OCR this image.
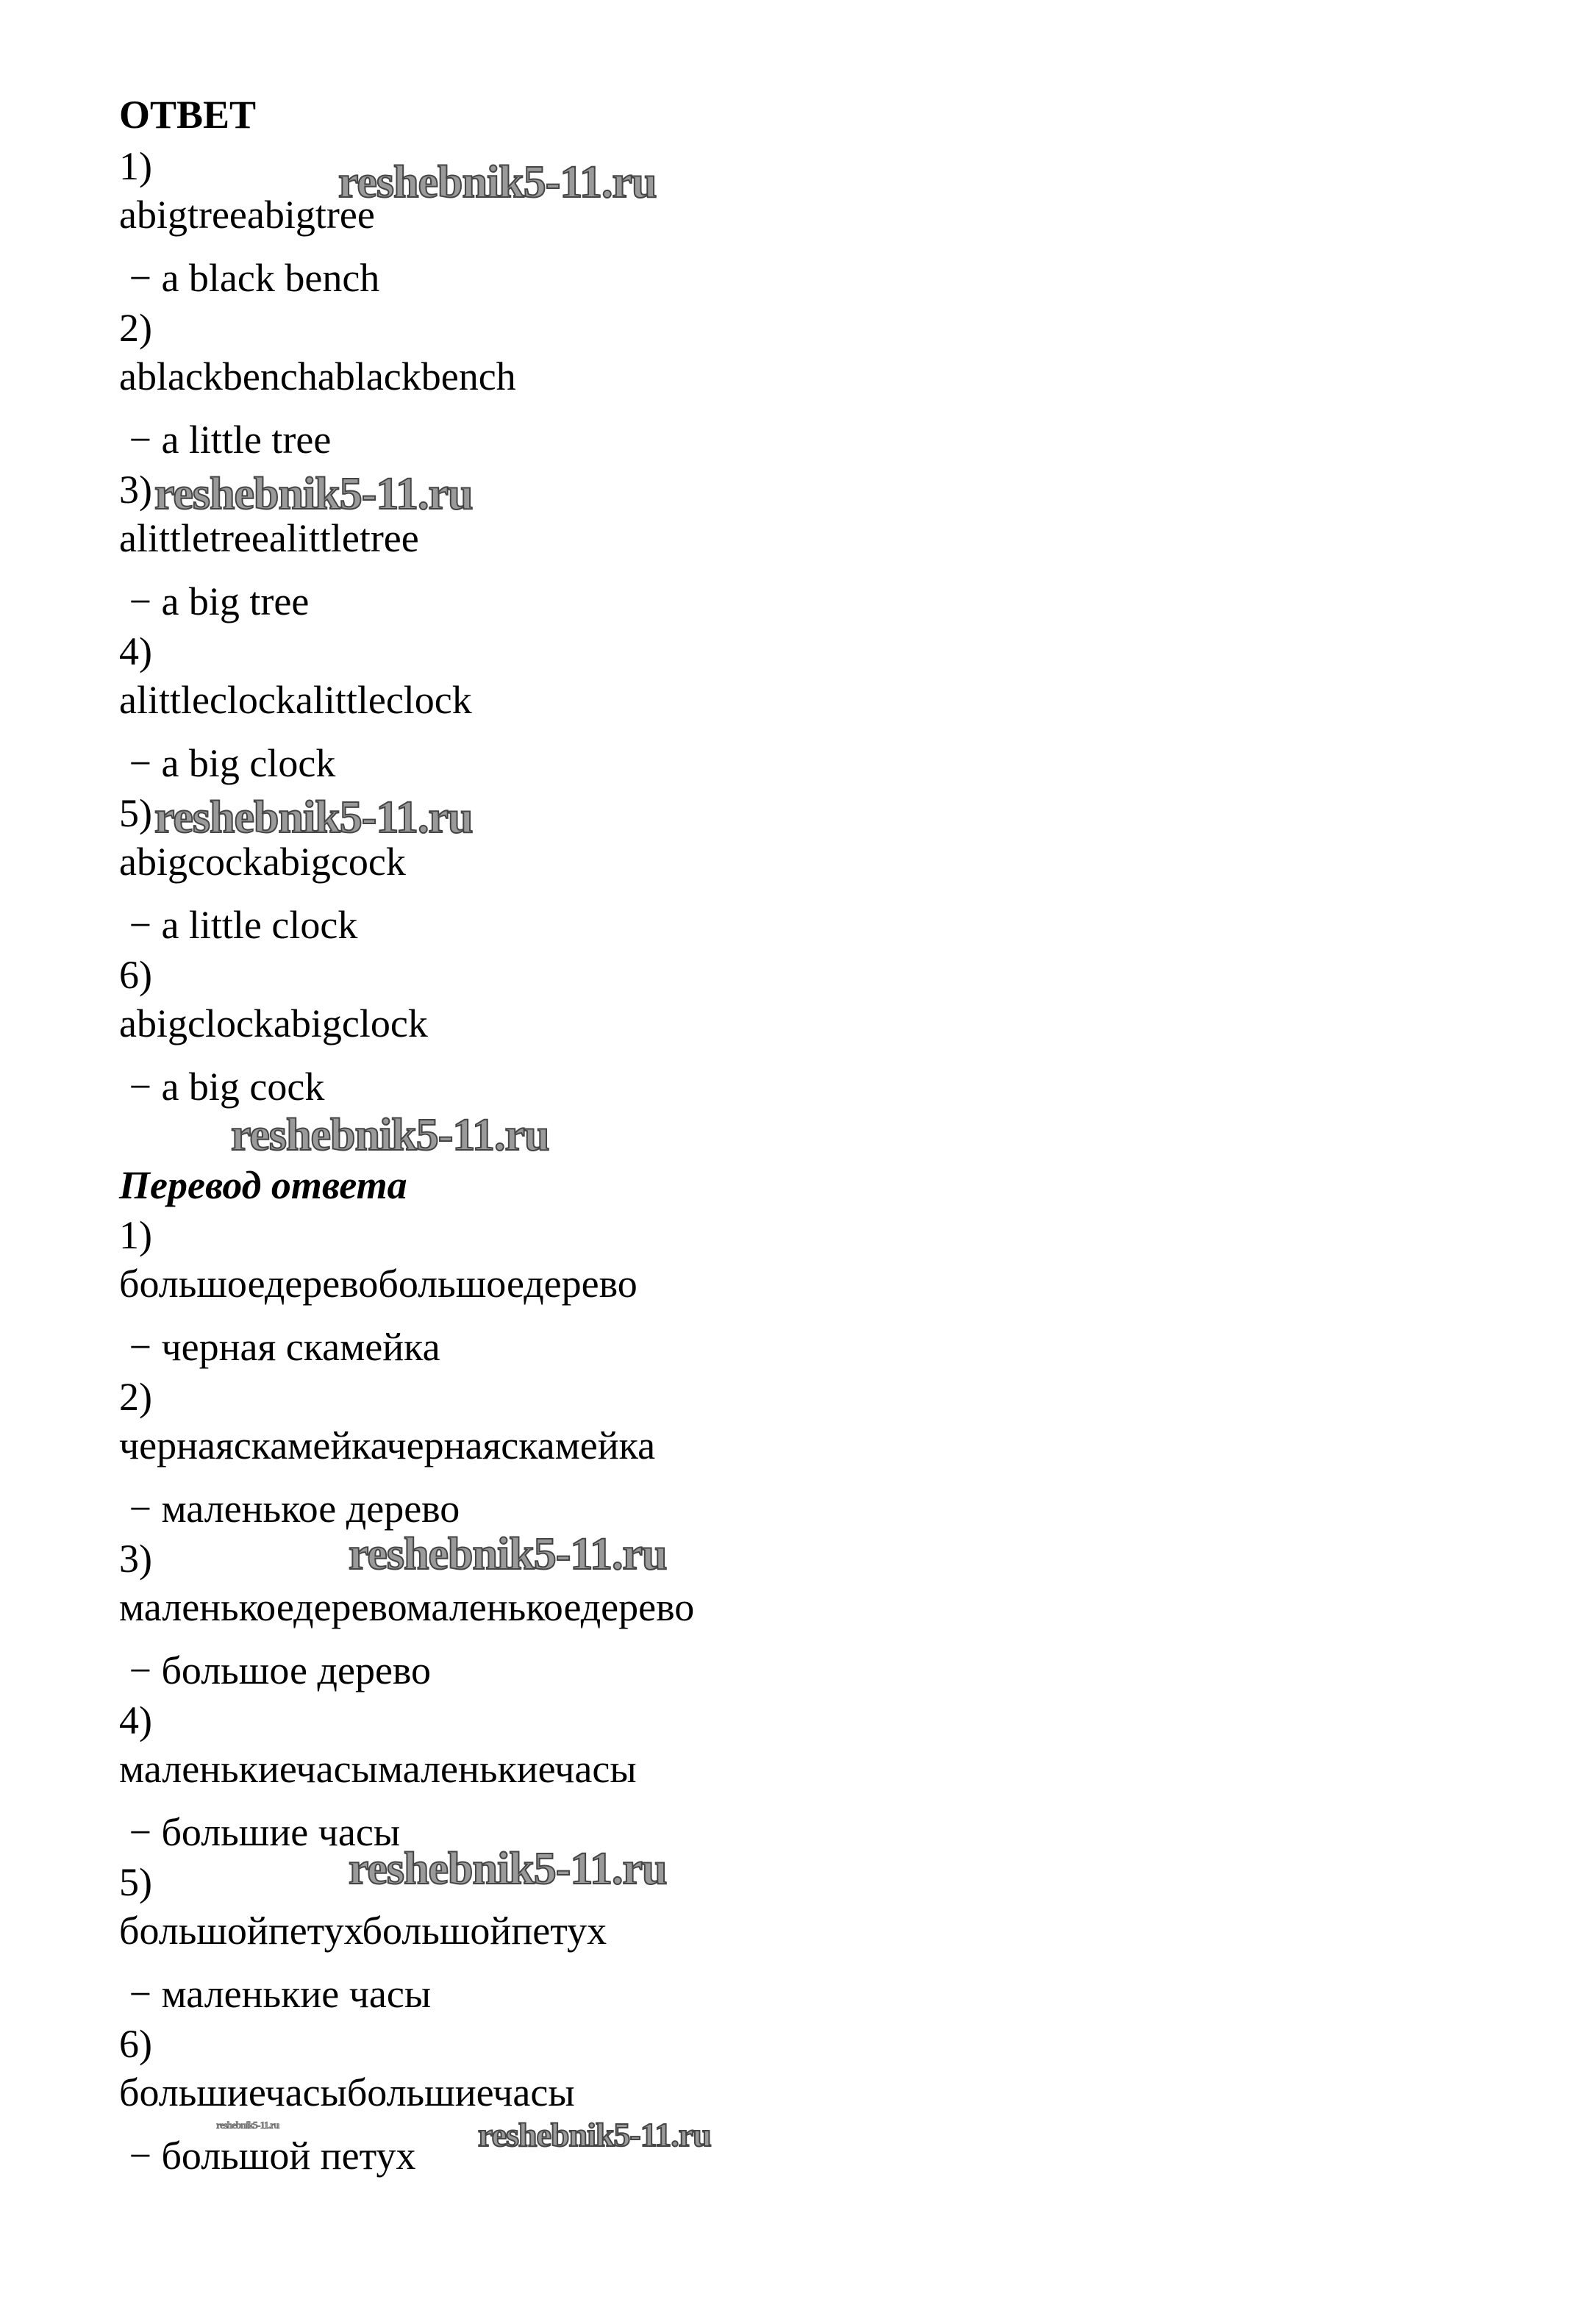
ОТВЕТ
1)
abigtreeabigtree
− a black bench
2)
ablackbenchablackbench
− a little tree
3)
alittletreealittletree
− a big tree
4)
alittleclockalittleclock
− a big clock
5)
abigcockabigcock
− a little clock
6)
abigclockabigclock
− a big cock
Перевод ответа
1)
большоедеревобольшоедерево
− черная скамейка
2)
чернаяскамейкачернаяскамейка
− маленькое дерево
3)
маленькоедеревомаленькоедерево
− большое дерево
4)
маленькиечасымаленькиечасы
− большие часы
5)
большойпетухбольшойпетух
− маленькие часы
6)
большиечасыбольшиечасы
− большой петух
reshebnik5-11.ru
reshebnik5-11.ru
reshebnik5-11.ru
reshebnik5-11.ru
reshebnik5-11.ru
reshebnik5-11.ru
reshebnik5-11.ru
reshebnik5-11.ru
